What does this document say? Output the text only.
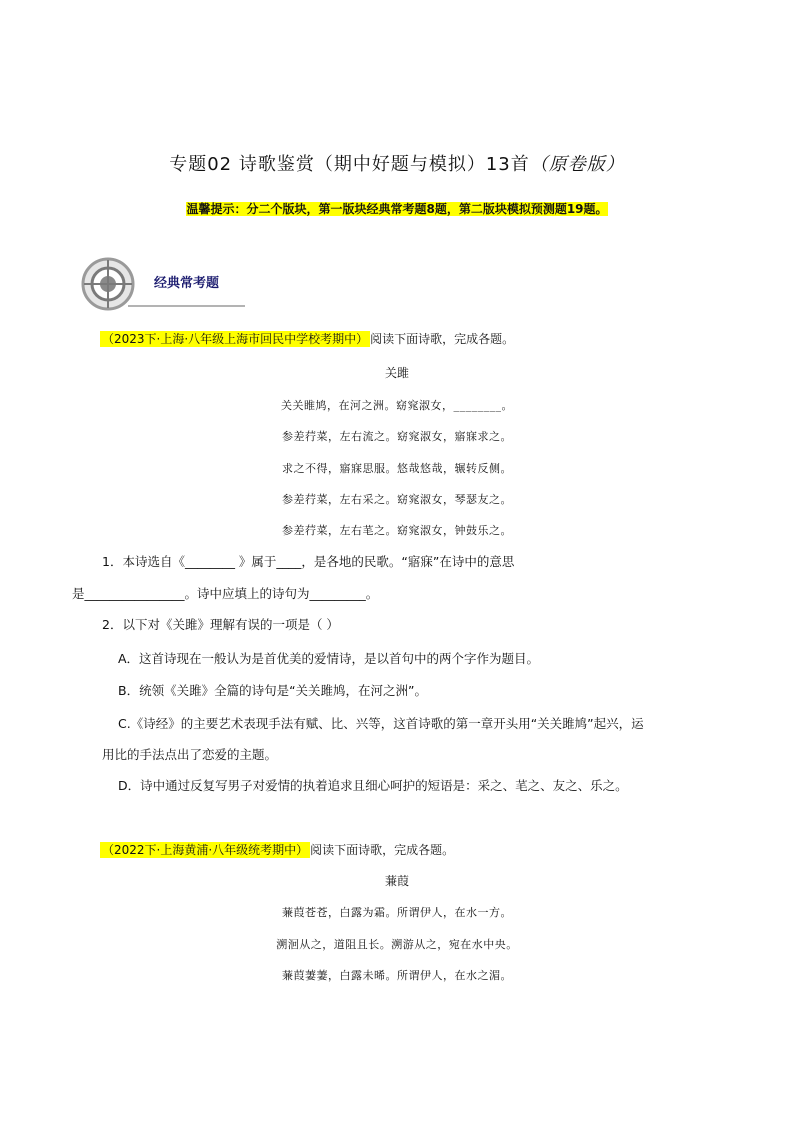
专题02 诗歌鉴赏（期中好题与模拟）13首（原卷版）
温馨提示：分二个版块，第一版块经典常考题8题，第二版块模拟预测题19题。
经典常考题
（2023下·上海·八年级上海市回民中学校考期中） 阅读下面诗歌，完成各题。
关雎
关关睢鸠，在河之洲。窈窕淑女，________。
参差荇菜，左右流之。窈窕淑女，寤寐求之。
求之不得，寤寐思服。悠哉悠哉，辗转反侧。
参差荇菜，左右采之。窈窕淑女，琴瑟友之。
参差荇菜，左右芼之。窈窕淑女，钟鼓乐之。
1．本诗选自《________ 》属于____，是各地的民歌。“寤寐”在诗中的意思
是________________。诗中应填上的诗句为_________。
2．以下对《关雎》理解有误的一项是（ ）
A．这首诗现在一般认为是首优美的爱情诗，是以首句中的两个字作为题目。
B．统领《关雎》全篇的诗句是“关关雎鸠，在河之洲”。
C.《诗经》的主要艺术表现手法有赋、比、兴等，这首诗歌的第一章开头用“关关雎鸠”起兴，运
用比的手法点出了恋爱的主题。
D．诗中通过反复写男子对爱情的执着追求且细心呵护的短语是：采之、芼之、友之、乐之。
（2022下·上海黄浦·八年级统考期中） 阅读下面诗歌，完成各题。
蒹葭
蒹葭苍苍，白露为霜。所谓伊人，在水一方。
溯洄从之，道阻且长。溯游从之，宛在水中央。
蒹葭萋萋，白露未晞。所谓伊人，在水之湄。
